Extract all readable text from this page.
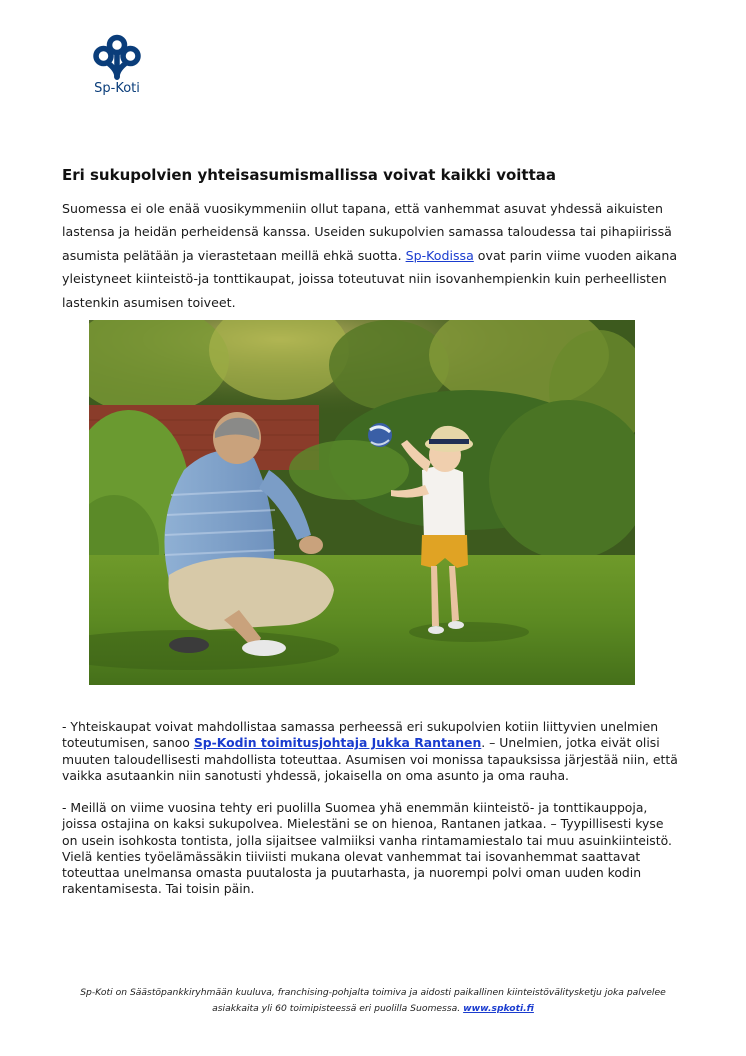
Sp-Koti
Eri sukupolvien yhteisasumismallissa voivat kaikki voittaa

Suomessa ei ole enää vuosikymmeniin ollut tapana, että vanhemmat asuvat yhdessä aikuisten lastensa ja heidän perheidensä kanssa. Useiden sukupolvien samassa taloudessa tai pihapiirissä asumista pelätään ja vierastetaan meillä ehkä suotta. Sp-Kodissa ovat parin viime vuoden aikana yleistyneet kiinteistö-ja tonttikaupat, joissa toteutuvat niin isovanhempienkin kuin perheellisten lastenkin asumisen toiveet.

- Yhteiskaupat voivat mahdollistaa samassa perheessä eri sukupolvien kotiin liittyvien unelmien toteutumisen, sanoo Sp-Kodin toimitusjohtaja Jukka Rantanen. – Unelmien, jotka eivät olisi muuten taloudellisesti mahdollista toteuttaa. Asumisen voi monissa tapauksissa järjestää niin, että vaikka asutaankin niin sanotusti yhdessä, jokaisella on oma asunto ja oma rauha.

- Meillä on viime vuosina tehty eri puolilla Suomea yhä enemmän kiinteistö- ja tonttikauppoja, joissa ostajina on kaksi sukupolvea. Mielestäni se on hienoa, Rantanen jatkaa. – Tyypillisesti kyse on usein isohkosta tontista, jolla sijaitsee valmiiksi vanha rintamamiestalo tai muu asuinkiinteistö. Vielä kenties työelämässäkin tiiviisti mukana olevat vanhemmat tai isovanhemmat saattavat toteuttaa unelmansa omasta puutalosta ja puutarhasta, ja nuorempi polvi oman uuden kodin rakentamisesta. Tai toisin päin.

Sp-Koti on Säästöpankkiryhmään kuuluva, franchising-pohjalta toimiva ja aidosti paikallinen kiinteistövälitysketju joka palvelee asiakkaita yli 60 toimipisteessä eri puolilla Suomessa. www.spkoti.fi
